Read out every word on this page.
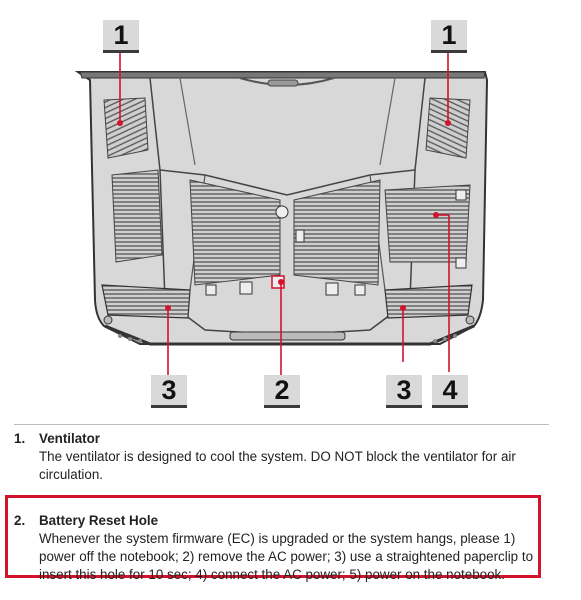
1	1
3	2	3	4
1. Ventilator
The ventilator is designed to cool the system. DO NOT block the ventilator for air
circulation.
2. Battery Reset Hole
Whenever the system firmware (EC) is upgraded or the system hangs, please 1)
power off the notebook; 2) remove the AC power; 3) use a straightened paperclip to
insert this hole for 10 sec; 4) connect the AC power; 5) power on the notebook.
